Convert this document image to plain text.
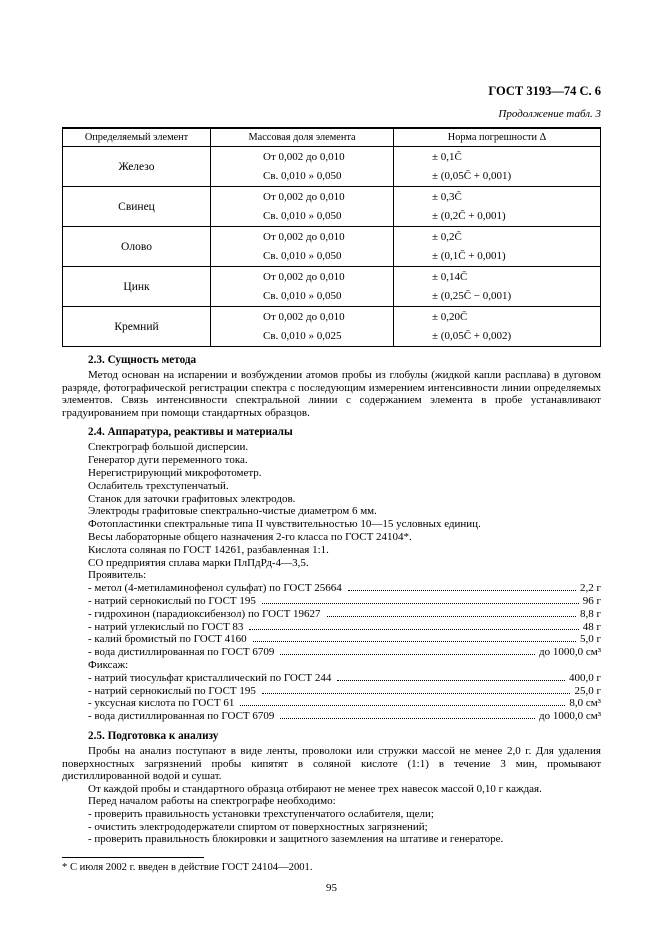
ГОСТ 3193—74 С. 6
Продолжение табл. 3
Определяемый элемент	Массовая доля элемента	Норма погрешности Δ
Железо	От 0,002 до 0,010	± 0,1C̄
	Св. 0,010 » 0,050	± (0,05C̄ + 0,001)
Свинец	От 0,002 до 0,010	± 0,3C̄
	Св. 0,010 » 0,050	± (0,2C̄ + 0,001)
Олово	От 0,002 до 0,010	± 0,2C̄
	Св. 0,010 » 0,050	± (0,1C̄ + 0,001)
Цинк	От 0,002 до 0,010	± 0,14C̄
	Св. 0,010 » 0,050	± (0,25C̄ − 0,001)
Кремний	От 0,002 до 0,010	± 0,20C̄
	Св. 0,010 » 0,025	± (0,05C̄ + 0,002)
2.3. Сущность метода

Метод основан на испарении и возбуждении атомов пробы из глобулы (жидкой капли расплава) в дуговом разряде, фотографической регистрации спектра с последующим измерением интенсивности линии определяемых элементов. Связь интенсивности спектральной линии с содержанием элемента в пробе устанавливают градуированием при помощи стандартных образцов.

2.4. Аппаратура, реактивы и материалы

Спектрограф большой дисперсии.

Генератор дуги переменного тока.

Нерегистрирующий микрофотометр.

Ослабитель трехступенчатый.

Станок для заточки графитовых электродов.

Электроды графитовые спектрально-чистые диаметром 6 мм.

Фотопластинки спектральные типа II чувствительностью 10—15 условных единиц.

Весы лабораторные общего назначения 2-го класса по ГОСТ 24104*.

Кислота соляная по ГОСТ 14261, разбавленная 1:1.

СО предприятия сплава марки ПлПдРд-4—3,5.

Проявитель:

- метол (4-метиламинофенол сульфат) по ГОСТ 25664	2,2 г
- натрий сернокислый по ГОСТ 195	96 г
- гидрохинон (парадиоксибензол) по ГОСТ 19627	8,8 г
- натрий углекислый по ГОСТ 83	48 г
- калий бромистый по ГОСТ 4160	5,0 г
- вода дистиллированная по ГОСТ 6709	до 1000,0 см³

Фиксаж:

- натрий тиосульфат кристаллический по ГОСТ 244	400,0 г
- натрий сернокислый по ГОСТ 195	25,0 г
- уксусная кислота по ГОСТ 61	8,0 см³
- вода дистиллированная по ГОСТ 6709	до 1000,0 см³
2.5. Подготовка к анализу

Пробы на анализ поступают в виде ленты, проволоки или стружки массой не менее 2,0 г. Для удаления поверхностных загрязнений пробы кипятят в соляной кислоте (1:1) в течение 3 мин, промывают дистиллированной водой и сушат.

От каждой пробы и стандартного образца отбирают не менее трех навесок массой 0,10 г каждая.

Перед началом работы на спектрографе необходимо:

- проверить правильность установки трехступенчатого ослабителя, щели;

- очистить электрододержатели спиртом от поверхностных загрязнений;

- проверить правильность блокировки и защитного заземления на штативе и генераторе.

* С июля 2002 г. введен в действие ГОСТ 24104—2001.
95
